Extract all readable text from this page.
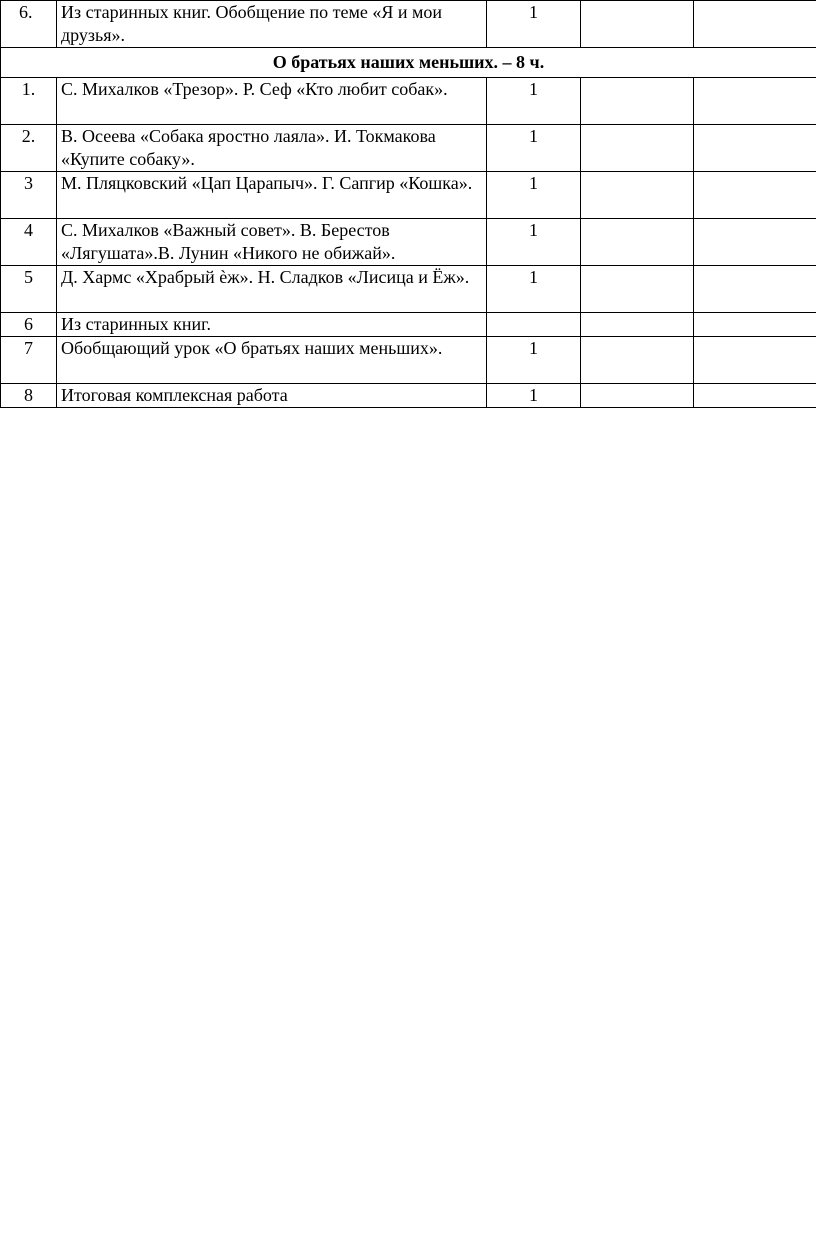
6.	Из старинных книг. Обобщение по теме «Я и мои друзья».	1		
О братьях наших меньших. – 8 ч.				
1.	С. Михалков «Трезор». Р. Сеф «Кто любит собак».	1		
2.	В. Осеева «Собака яростно лаяла». И. Токмакова «Купите собаку».	1		
3	М. Пляцковский «Цап Царапыч». Г. Сапгир «Кошка».	1		
4	С. Михалков «Важный совет». В. Берестов «Лягушата».В. Лунин «Никого не обижай».	1		
5	Д. Хармс «Храбрый ѐж». Н. Сладков «Лисица и Ёж».	1		
6	Из старинных книг.			
7	Обобщающий урок «О братьях наших меньших».	1		
8	Итоговая комплексная работа	1		
